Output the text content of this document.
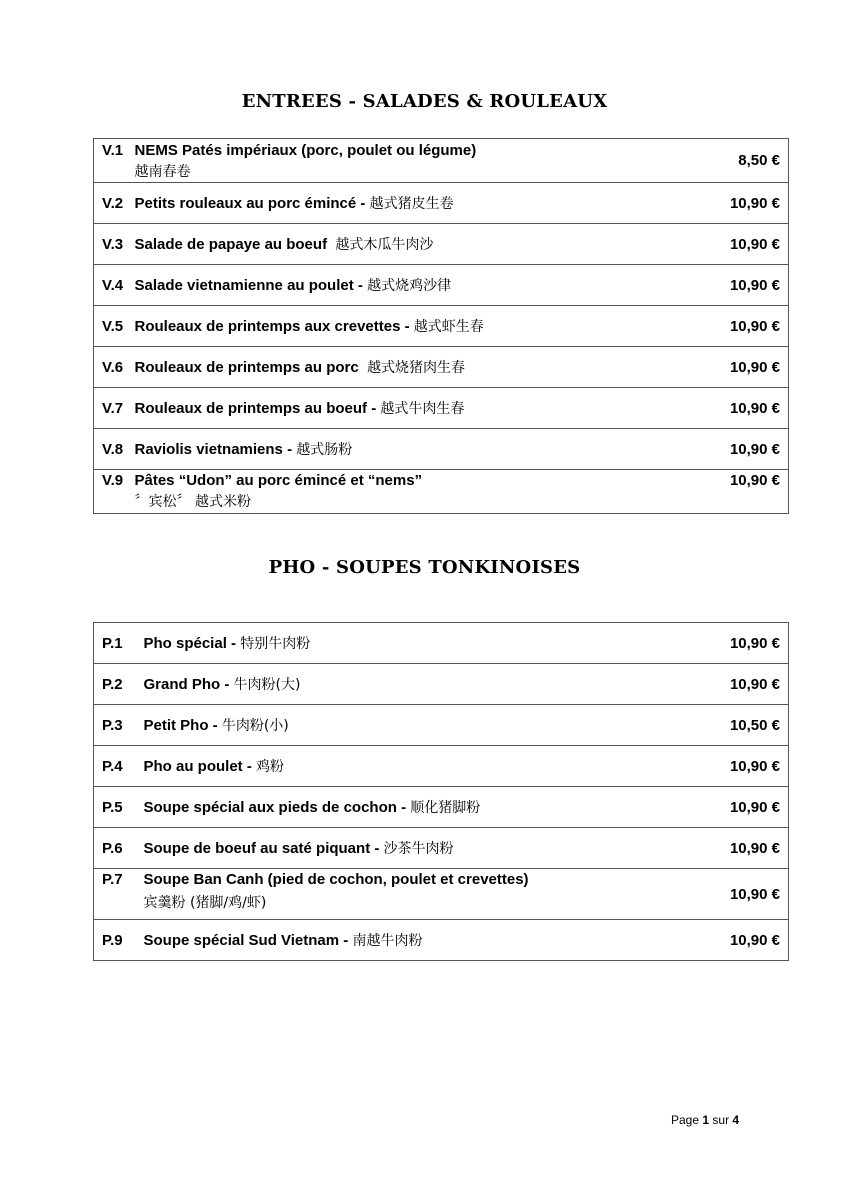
ENTREES - SALADES & ROULEAUX
V.1	NEMS Patés impériaux (porc, poulet ou légume)
越南春卷	8,50 €
V.2	Petits rouleaux au porc émincé - 越式猪皮生卷	10,90 €
V.3	Salade de papaye au boeuf 越式木瓜牛肉沙	10,90 €
V.4	Salade vietnamienne au poulet - 越式烧鸡沙律	10,90 €
V.5	Rouleaux de printemps aux crevettes - 越式虾生春	10,90 €
V.6	Rouleaux de printemps au porc 越式烧猪肉生春	10,90 €
V.7	Rouleaux de printemps au boeuf - 越式牛肉生春	10,90 €
V.8	Raviolis vietnamiens - 越式肠粉	10,90 €
V.9	Pâtes “Udon” au porc émincé et “nems”
〞宾松〞 越式米粉	10,90 €
PHO - SOUPES TONKINOISES
P.1	Pho spécial - 特别牛肉粉	10,90 €
P.2	Grand Pho - 牛肉粉(大)	10,90 €
P.3	Petit Pho - 牛肉粉(小)	10,50 €
P.4	Pho au poulet - 鸡粉	10,90 €
P.5	Soupe spécial aux pieds de cochon - 顺化猪脚粉	10,90 €
P.6	Soupe de boeuf au saté piquant - 沙茶牛肉粉	10,90 €
P.7	Soupe Ban Canh (pied de cochon, poulet et crevettes)
宾羹粉 (猪脚/鸡/虾)	10,90 €
P.9	Soupe spécial Sud Vietnam - 南越牛肉粉	10,90 €
Page 1 sur 4
